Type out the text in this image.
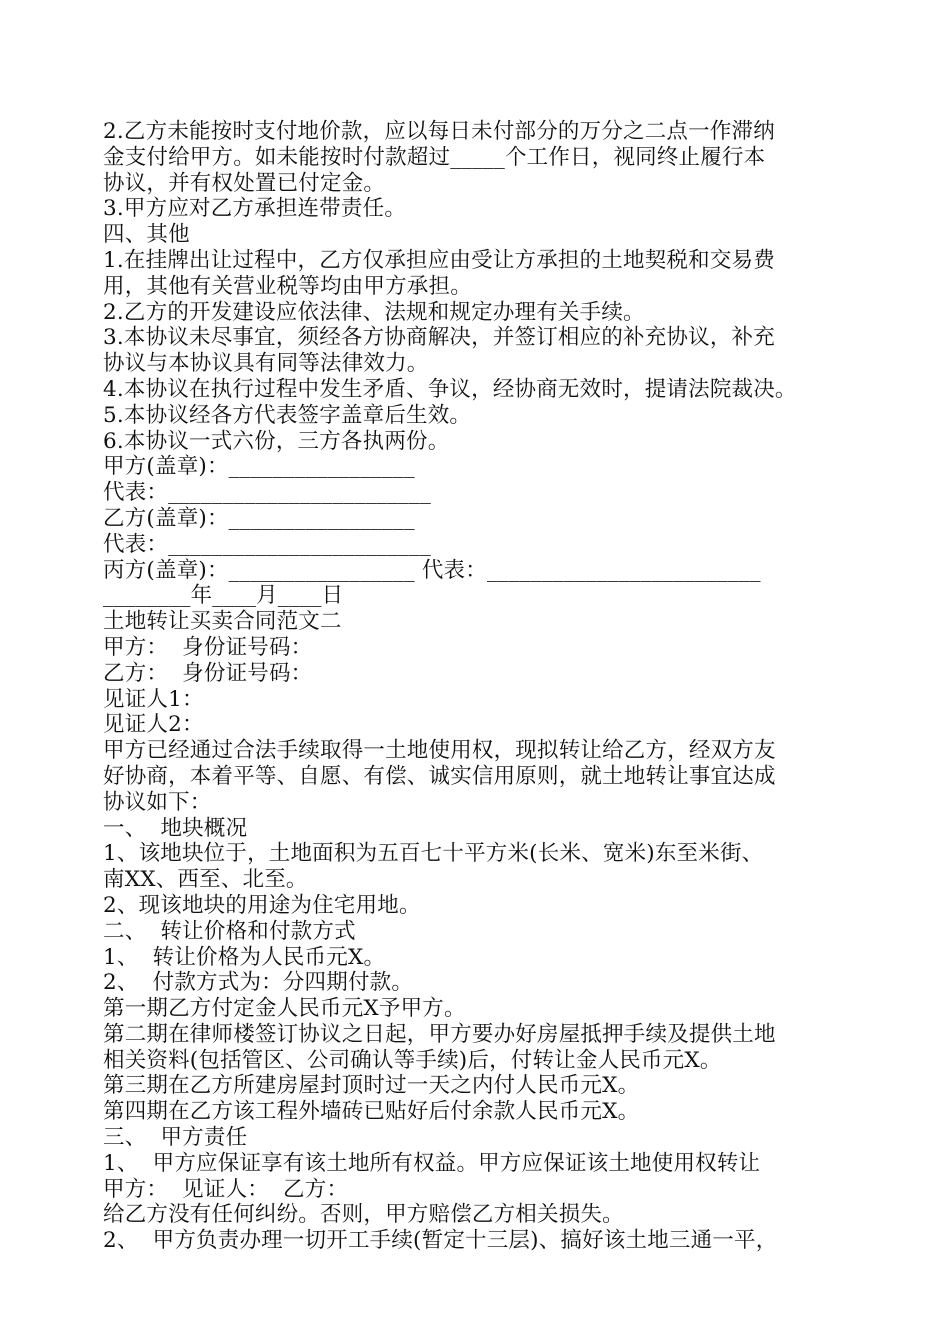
2.乙方未能按时支付地价款，应以每日未付部分的万分之二点一作滞纳
金支付给甲方。如未能按时付款超过_____个工作日，视同终止履行本
协议，并有权处置已付定金。
3.甲方应对乙方承担连带责任。
四、其他
1.在挂牌出让过程中，乙方仅承担应由受让方承担的土地契税和交易费
用，其他有关营业税等均由甲方承担。
2.乙方的开发建设应依法律、法规和规定办理有关手续。
3.本协议未尽事宜，须经各方协商解决，并签订相应的补充协议，补充
协议与本协议具有同等法律效力。
4.本协议在执行过程中发生矛盾、争议，经协商无效时，提请法院裁决。
5.本协议经各方代表签字盖章后生效。
6.本协议一式六份，三方各执两份。
甲方(盖章)：_________________
代表：________________________
乙方(盖章)：_________________
代表：________________________
丙方(盖章)：_________________ 代表：_________________________
________年____月____日
土地转让买卖合同范文二
甲方：  身份证号码：
乙方：  身份证号码：
见证人1：
见证人2：
甲方已经通过合法手续取得一土地使用权，现拟转让给乙方，经双方友
好协商，本着平等、自愿、有偿、诚实信用原则，就土地转让事宜达成
协议如下：
一、  地块概况
1、该地块位于，土地面积为五百七十平方米(长米、宽米)东至米街、
南XX、西至、北至。
2、现该地块的用途为住宅用地。
二、  转让价格和付款方式
1、  转让价格为人民币元X。
2、  付款方式为：分四期付款。
第一期乙方付定金人民币元X予甲方。
第二期在律师楼签订协议之日起，甲方要办好房屋抵押手续及提供土地
相关资料(包括管区、公司确认等手续)后，付转让金人民币元X。
第三期在乙方所建房屋封顶时过一天之内付人民币元X。
第四期在乙方该工程外墙砖已贴好后付余款人民币元X。
三、  甲方责任
1、  甲方应保证享有该土地所有权益。甲方应保证该土地使用权转让
甲方：  见证人：  乙方：
给乙方没有任何纠纷。否则，甲方赔偿乙方相关损失。
2、  甲方负责办理一切开工手续(暂定十三层)、搞好该土地三通一平，
